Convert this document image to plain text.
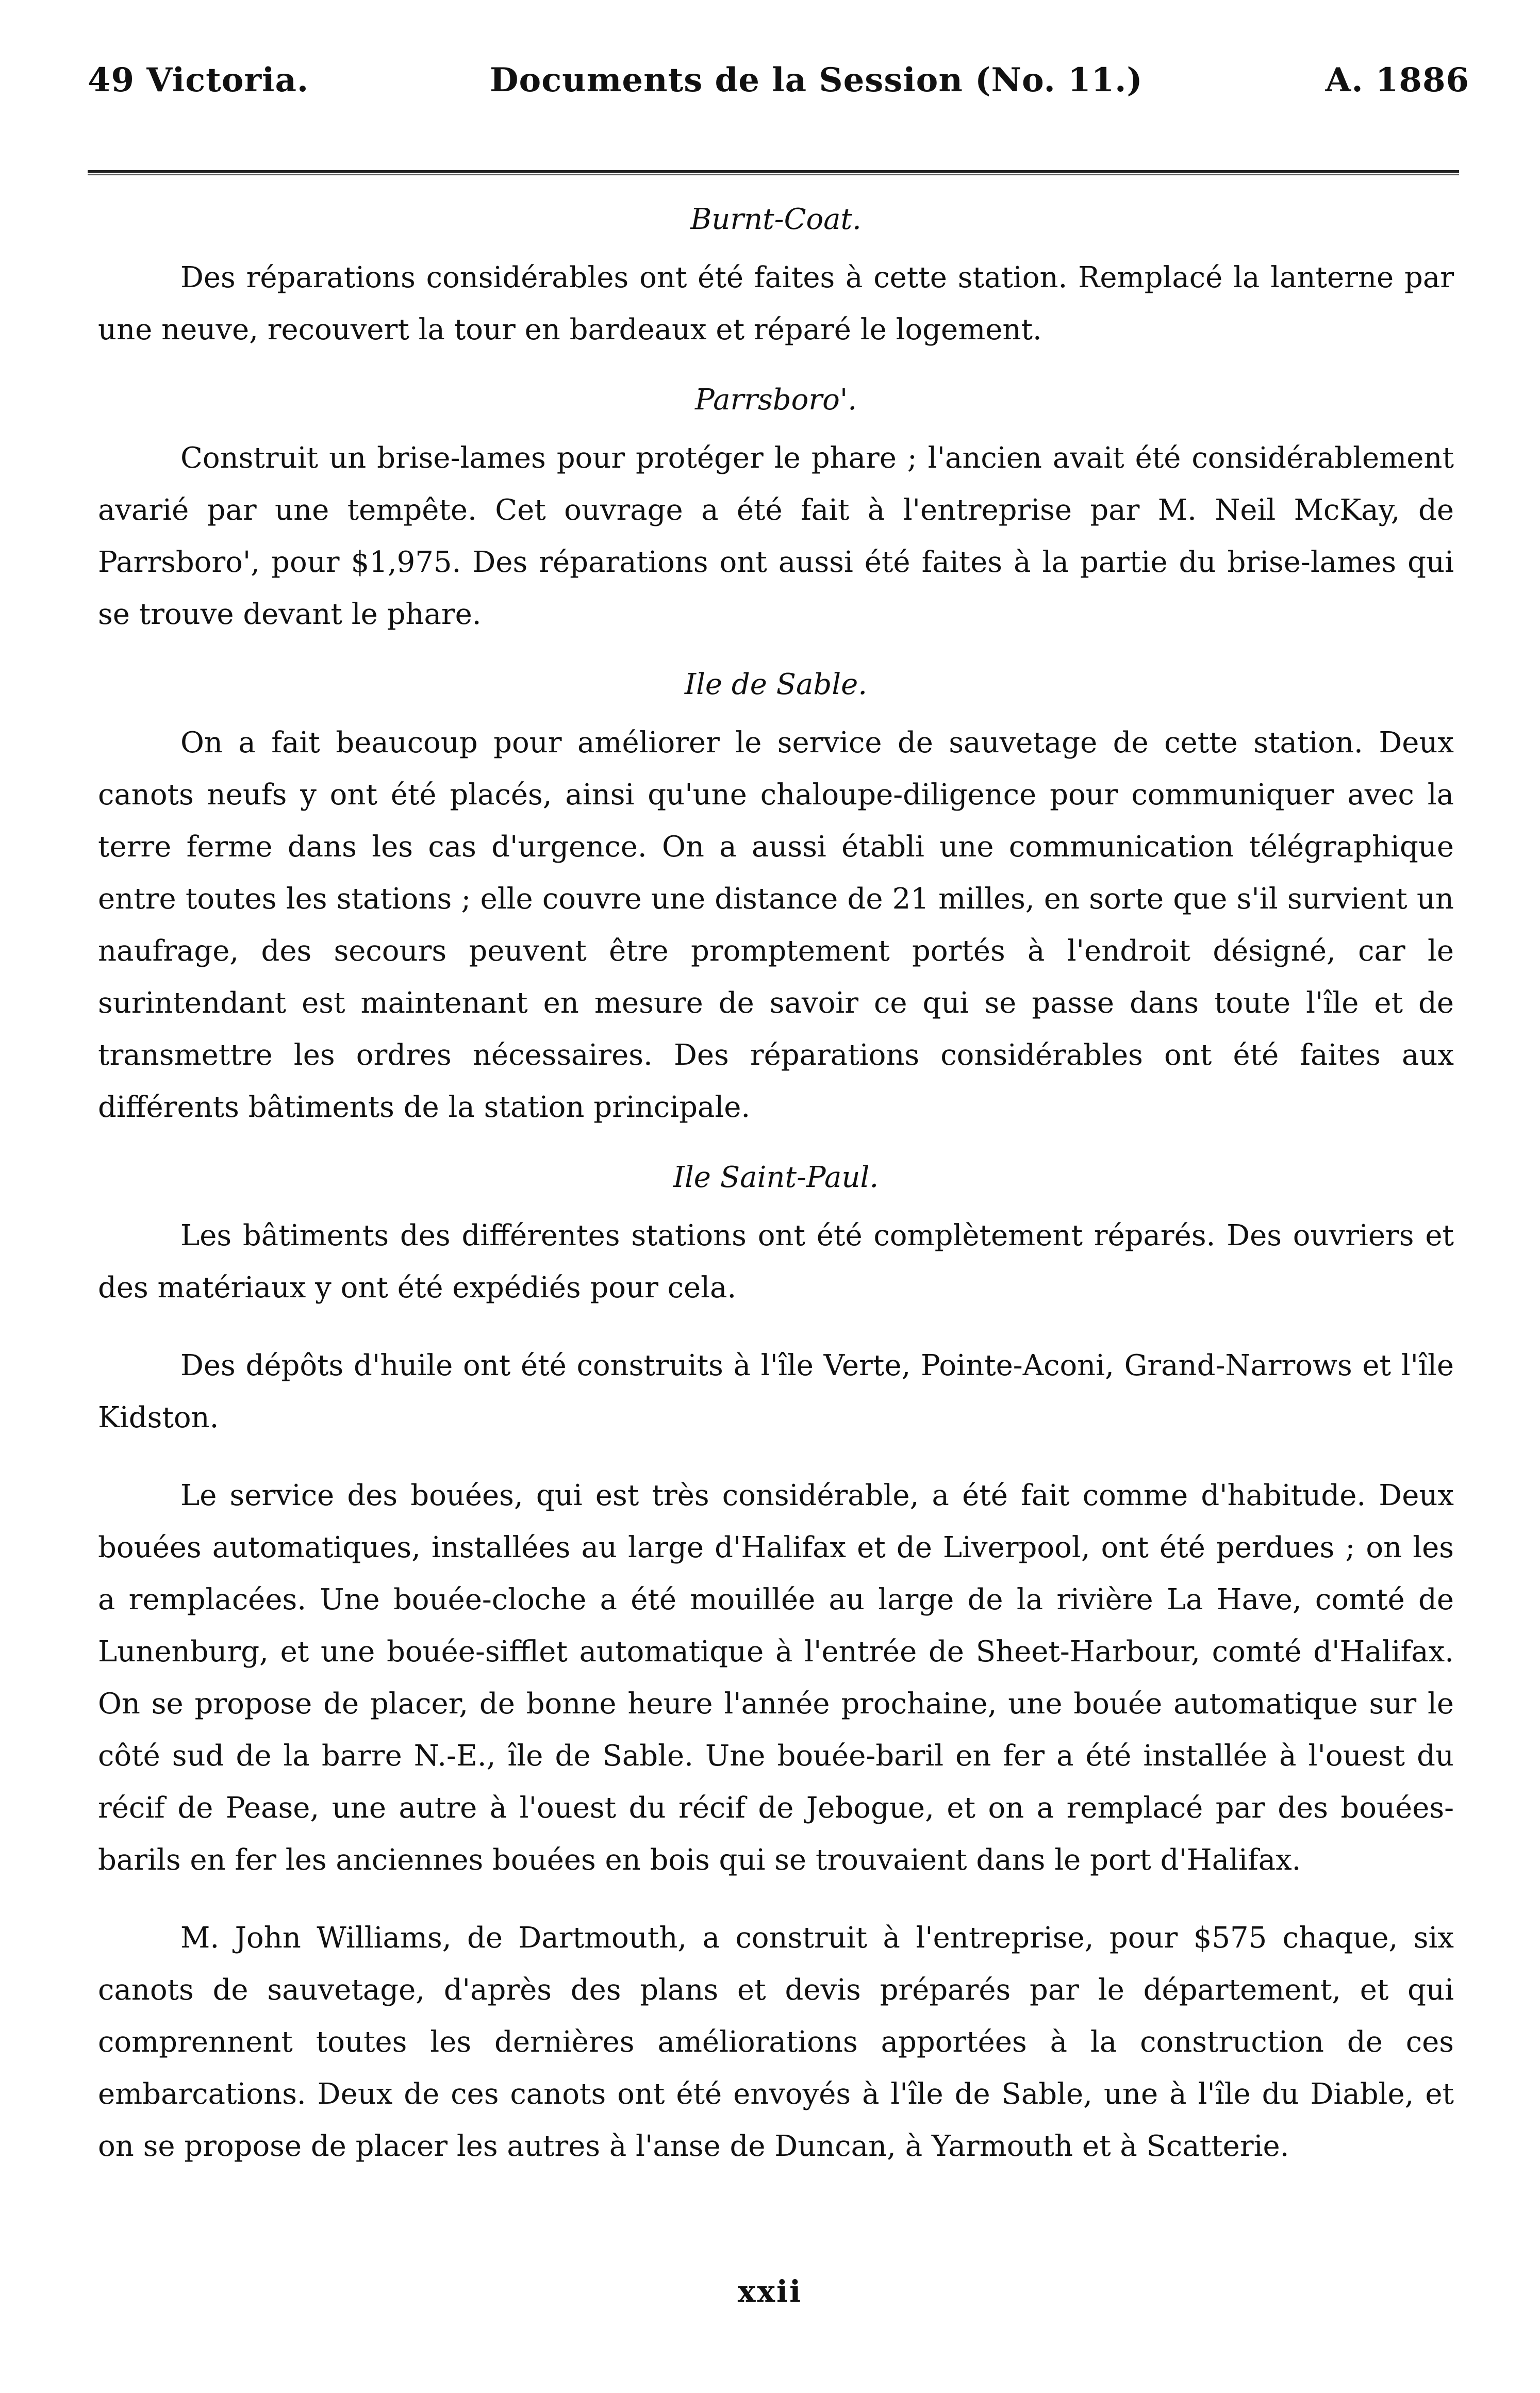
49 Victoria.	Documents de la Session (No. 11.)	A. 1886
Burnt-Coat.

Des réparations considérables ont été faites à cette station. Remplacé la lanterne par une neuve, recouvert la tour en bardeaux et réparé le logement.

Parrsboro'.

Construit un brise-lames pour protéger le phare ; l'ancien avait été considérablement avarié par une tempête. Cet ouvrage a été fait à l'entreprise par M. Neil McKay, de Parrsboro', pour $1,975. Des réparations ont aussi été faites à la partie du brise-lames qui se trouve devant le phare.

Ile de Sable.

On a fait beaucoup pour améliorer le service de sauvetage de cette station. Deux canots neufs y ont été placés, ainsi qu'une chaloupe-diligence pour communiquer avec la terre ferme dans les cas d'urgence. On a aussi établi une communication télégraphique entre toutes les stations ; elle couvre une distance de 21 milles, en sorte que s'il survient un naufrage, des secours peuvent être promptement portés à l'endroit désigné, car le surintendant est maintenant en mesure de savoir ce qui se passe dans toute l'île et de transmettre les ordres nécessaires. Des réparations considérables ont été faites aux différents bâtiments de la station principale.

Ile Saint-Paul.

Les bâtiments des différentes stations ont été complètement réparés. Des ouvriers et des matériaux y ont été expédiés pour cela.

Des dépôts d'huile ont été construits à l'île Verte, Pointe-Aconi, Grand-Narrows et l'île Kidston.

Le service des bouées, qui est très considérable, a été fait comme d'habitude. Deux bouées automatiques, installées au large d'Halifax et de Liverpool, ont été perdues ; on les a remplacées. Une bouée-cloche a été mouillée au large de la rivière La Have, comté de Lunenburg, et une bouée-sifflet automatique à l'entrée de Sheet-Harbour, comté d'Halifax. On se propose de placer, de bonne heure l'année prochaine, une bouée automatique sur le côté sud de la barre N.-E., île de Sable. Une bouée-baril en fer a été installée à l'ouest du récif de Pease, une autre à l'ouest du récif de Jebogue, et on a remplacé par des bouées-barils en fer les anciennes bouées en bois qui se trouvaient dans le port d'Halifax.

M. John Williams, de Dartmouth, a construit à l'entreprise, pour $575 chaque, six canots de sauvetage, d'après des plans et devis préparés par le département, et qui comprennent toutes les dernières améliorations apportées à la construction de ces embarcations. Deux de ces canots ont été envoyés à l'île de Sable, une à l'île du Diable, et on se propose de placer les autres à l'anse de Duncan, à Yarmouth et à Scatterie.

xxii
